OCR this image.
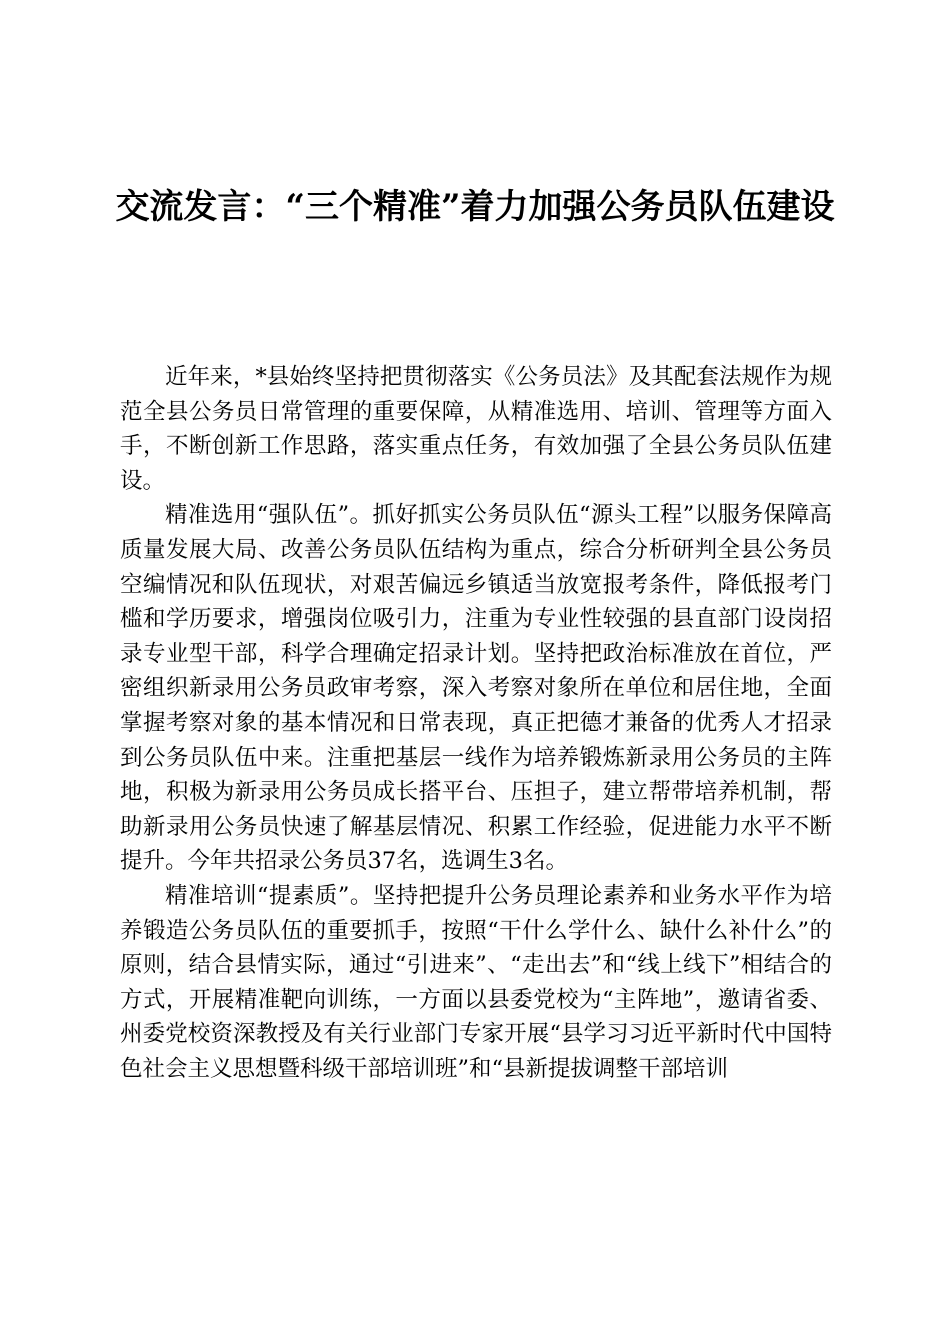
交流发言：“三个精准”着力加强公务员队伍建设

近年来，*县始终坚持把贯彻落实《公务员法》及其配套法规作为规范全县公务员日常管理的重要保障，从精准选用、培训、管理等方面入手，不断创新工作思路，落实重点任务，有效加强了全县公务员队伍建设。

精准选用“强队伍”。抓好抓实公务员队伍“源头工程”以服务保障高质量发展大局、改善公务员队伍结构为重点，综合分析研判全县公务员空编情况和队伍现状，对艰苦偏远乡镇适当放宽报考条件，降低报考门槛和学历要求，增强岗位吸引力，注重为专业性较强的县直部门设岗招录专业型干部，科学合理确定招录计划。坚持把政治标准放在首位，严密组织新录用公务员政审考察，深入考察对象所在单位和居住地，全面掌握考察对象的基本情况和日常表现，真正把德才兼备的优秀人才招录到公务员队伍中来。注重把基层一线作为培养锻炼新录用公务员的主阵地，积极为新录用公务员成长搭平台、压担子，建立帮带培养机制，帮助新录用公务员快速了解基层情况、积累工作经验，促进能力水平不断提升。今年共招录公务员37名，选调生3名。

精准培训“提素质”。坚持把提升公务员理论素养和业务水平作为培养锻造公务员队伍的重要抓手，按照“干什么学什么、缺什么补什么”的原则，结合县情实际，通过“引进来”、“走出去”和“线上线下”相结合的方式，开展精准靶向训练，一方面以县委党校为“主阵地”，邀请省委、州委党校资深教授及有关行业部门专家开展“县学习习近平新时代中国特色社会主义思想暨科级干部培训班”和“县新提拔调整干部培训
